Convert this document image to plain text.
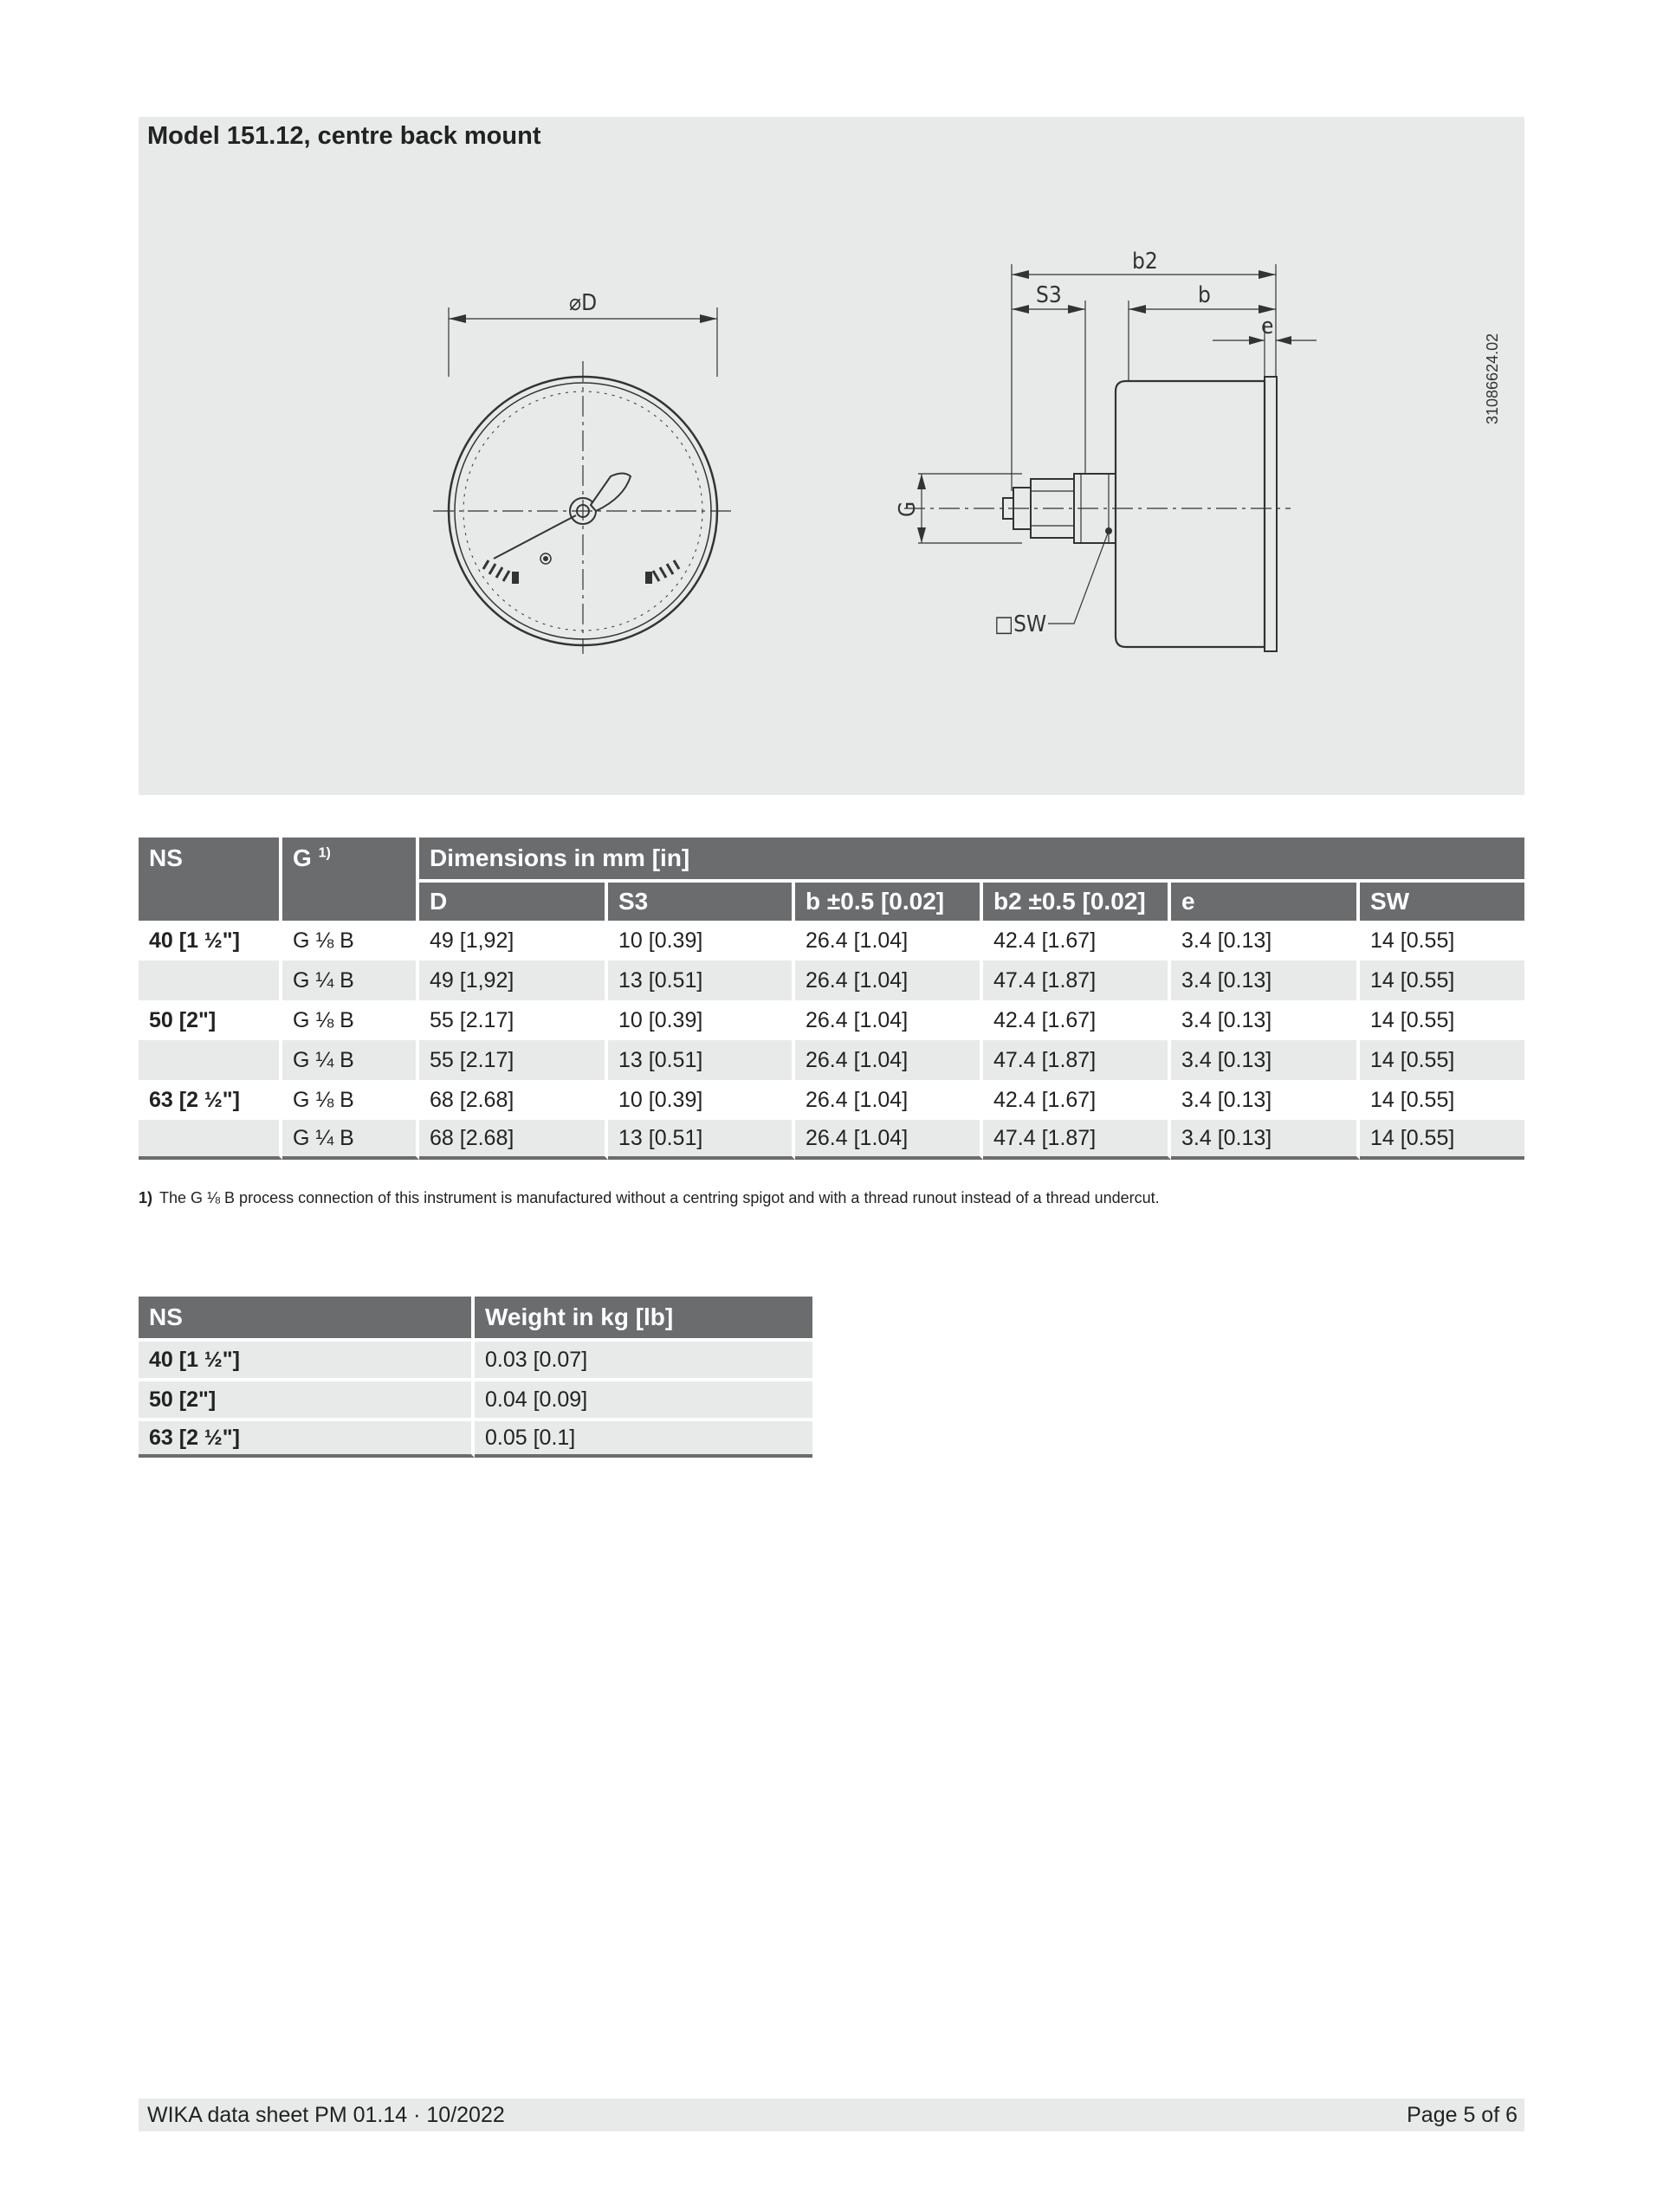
Model 151.12, centre back mount
31086624.02
⌀D
b2
S3	b
e
G
□SW
NS	G $^{1)}$	Dimensions in mm [in]					
		D	S3	b ±0.5 [0.02]	b2 ±0.5 [0.02]	e	SW
40 [1 ½"]	G ⅛ B	49 [1,92]	10 [0.39]	26.4 [1.04]	42.4 [1.67]	3.4 [0.13]	14 [0.55]
	G ¼ B	49 [1,92]	13 [0.51]	26.4 [1.04]	47.4 [1.87]	3.4 [0.13]	14 [0.55]
50 [2"]	G ⅛ B	55 [2.17]	10 [0.39]	26.4 [1.04]	42.4 [1.67]	3.4 [0.13]	14 [0.55]
	G ¼ B	55 [2.17]	13 [0.51]	26.4 [1.04]	47.4 [1.87]	3.4 [0.13]	14 [0.55]
63 [2 ½"]	G ⅛ B	68 [2.68]	10 [0.39]	26.4 [1.04]	42.4 [1.67]	3.4 [0.13]	14 [0.55]
	G ¼ B	68 [2.68]	13 [0.51]	26.4 [1.04]	47.4 [1.87]	3.4 [0.13]	14 [0.55]
1) The G ⅛ B process connection of this instrument is manufactured without a centring spigot and with a thread runout instead of a thread undercut.
NS	Weight in kg [lb]
40 [1 ½"]	0.03 [0.07]
50 [2"]	0.04 [0.09]
63 [2 ½"]	0.05 [0.1]
WIKA data sheet PM 01.14 · 10/2022	Page 5 of 6
